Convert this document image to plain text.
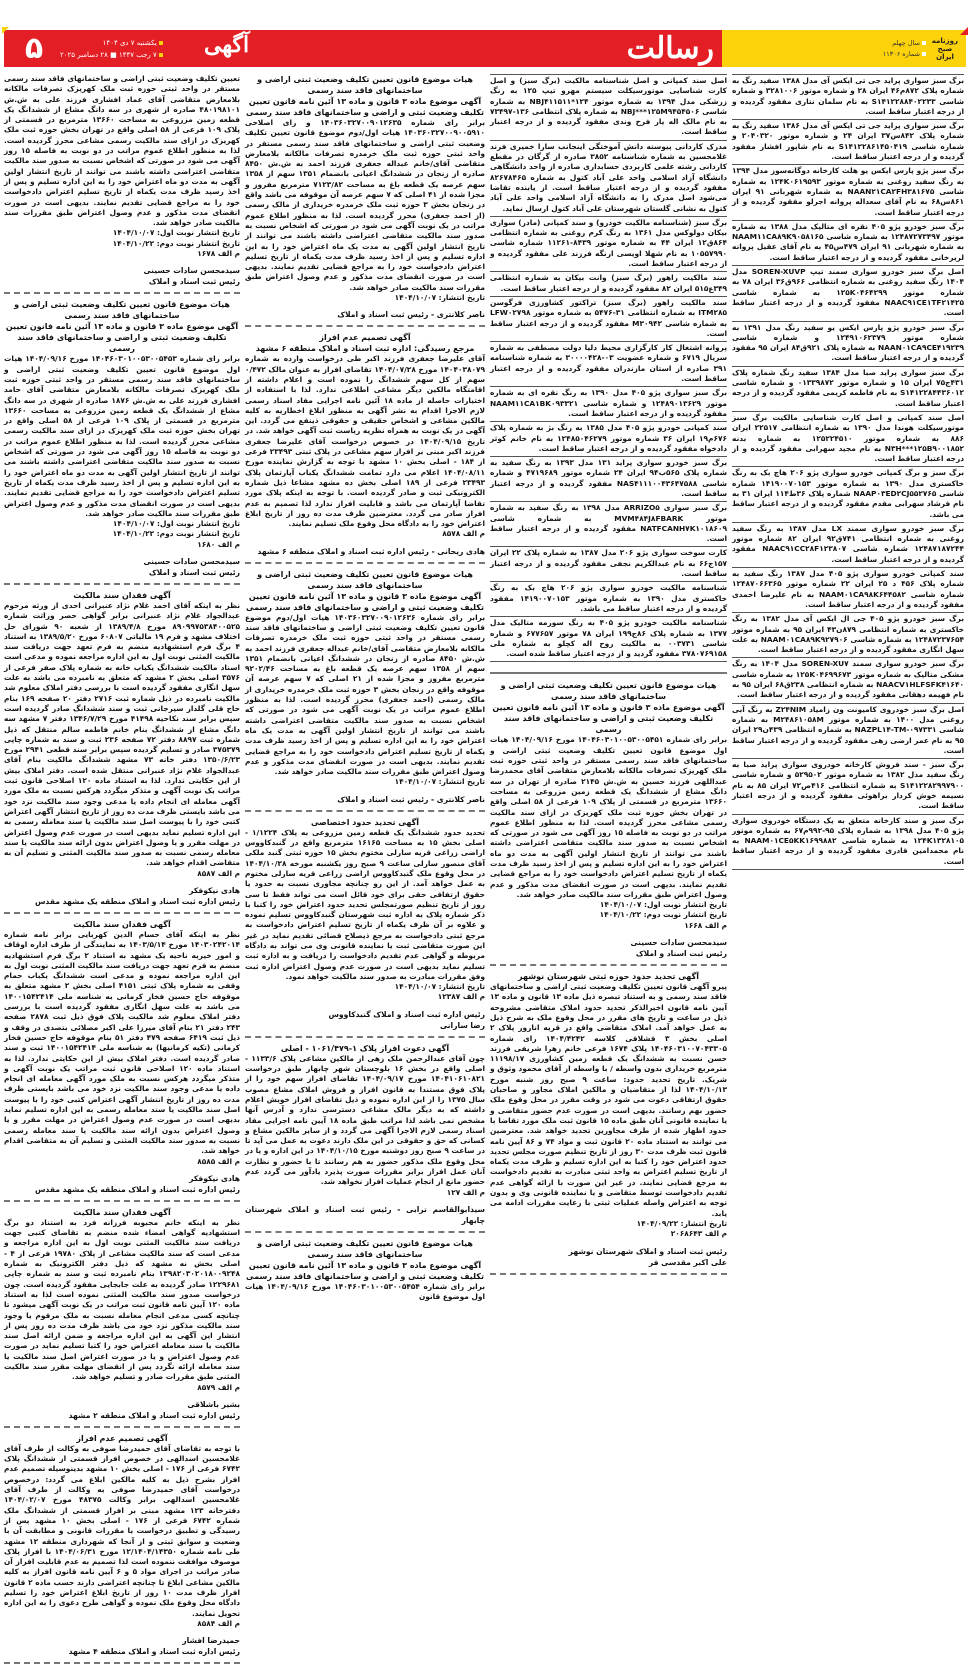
۵	یکشنبه ۷ دی ۱۴۰۴
۷ رجب ۱۴۴۷ ■ ۲۸ دسامبر ۲۰۲۵	آگهی	رسالت	سال چهلم
شماره ۱۱۳۰۶
روزنامه صبح ایران
برگ سبز سواری پراید جی تی ایکس آی مدل ۱۳۸۸ سفید رنگ به شماره پلاک ۸۷۲م۴۶ ایران ۲۸ و شماره موتور ۳۲۸۱۰۰۶ و شماره شاسی S۱۴۱۲۲۸۸۴۰۲۲۳۳ به نام سلمان نتاری مفقود گردیده و از درجه اعتبار ساقط است.
برگ سبز سواری پراید جی تی ایکس آی مدل ۱۳۸۶ سفید رنگ به شماره پلاک ۸۴۲س۳۷ ایران ۲۴ و شماره موتور ۲۰۴۰۳۲۰ و شماره شاسی S۱۴۱۲۲۸۶۱۴۵۰۴۱۹ به نام شاپور افشار مفقود گردیده و از درجه اعتبار ساقط است.
برگ سبز پژو پارس ایکس یو هلث کارخانه دوگانه‌سوز مدل ۱۳۹۴ به رنگ سفید روغنی به شماره موتور ۱۲۴K۰۶۱۹۵۹۳ به شماره شاسی NAAN۲۱CA۲FH۳۸۱۶۷۵ به شماره شهربانی ۹۱ ایران ۸۶۱س۶۸ به نام آقای سعداله پروانه اجرلو مفقود گردیده و از درجه اعتبار ساقط است.
برگ سبز خودرو پژو ۴۰۵ نقره ای متالیک مدل ۱۳۸۸ به شماره موتور ۱۲۴۸۷۲۷۳۴۹۷ به شماره شاسی NAAM۱۱CA۸۹K۹۰۵۸۱۶۵ به شماره شهربانی ۹۱ ایران ۴۷۹س۴۵ به نام آقای عقیل پروانه لریرخانی مفقود گردیده و از درجه اعتبار ساقط است.
اصل برگ سبز خودرو سواری سمند تیپ SOREN-XUVP مدل ۱۴۰۴ رنگ سفید روغنی به شماره انتظامی ۹۶۶ق۳۶ ایران ۷۸ به شماره موتور ۱۲۵K۰۴۶۴۲۹۹ به شماره شاسی NAAC۹۱CE۱TF۲۱۴۲۵ مفقود گردیده و از درجه اعتبار ساقط است.
برگ سبز خودرو پژو پارس ایکس یو سفید رنگ مدل ۱۳۹۱ به شماره موتور ۱۲۴۹۱۰۶۲۳۷۹ و شماره شاسی NAAN۰۱CA۹CE۴۱۹۲۳۹ به شماره پلاک ۹۲۱ق۸۴ ایران ۹۵ مفقود گردیده و از درجه اعتبار ساقط است.
برگ سبز سواری پراید صبا مدل ۱۳۸۴ سفید رنگ شماره پلاک ۴۳۱ج۷۵ ایران ۱۵ و شماره موتور ۰۱۳۳۹۸۷۲ و شماره شاسی S۱۴۱۲۲۸۴۴۳۶۰۱۲ به نام فاطمه کریمی مفقود گردیده و از درجه اعتبار ساقط است.
اصل سند کمپانی و اصل کارت شناسایی مالکیت برگ سبز موتورسیکلت هوندا مدل ۱۳۹۰ به شماره انتظامی ۲۲۵۱۷ ایران ۸۸۶ به شماره موتور ۱۲۵۲۲۴۵۱۰ به شماره بدنه N۳H***۱۲۵B۹۰۰۱۸۵۲ به نام مجید سهرابی مفقود گردیده و از درجه اعتبار ساقط است.
برگ سبز و برگ کمپانی خودرو سواری پژو ۲۰۶ هاچ بک به رنگ خاکستری مدل ۱۳۹۰ به شماره موتور ۱۴۱۹۰۰۷۰۱۵۳ شماره شاسی NAAP۰۳ED۲CJ۵۵۲۷۶۵ شماره پلاک ۳۶ط۱۱۴ ایران ۳۱ به نام فرشاد سهرابی مقدم مفقود گردیده و از درجه اعتبار ساقط می باشد.
برگ سبز خودرو سواری سمند LX مدل ۱۳۸۷ به رنگ سفید روغنی به شماره انتظامی ۷۴۱ق۹۲ ایران ۸۲ شماره موتور ۱۲۴۸۷۱۸۷۲۴۴ شماره شاسی NAAC۹۱CC۲۸F۱۲۳۸۰۷ مفقود گردیده و از درجه اعتبار ساقط است.
سند کمپانی خودرو سواری پژو ۴۰۵ مدل ۱۳۸۷ رنگ سفید به شماره پلاک ۴۵۶ د ۲۵ ایران ۲۲ شماره موتور ۱۲۴۸۷۰۶۶۳۶۵ شماره شاسی NAAM۰۱CA۹۸K۶۴۴۵۸۲ به نام علیرضا احمدی مفقود گردیده و از درجه اعتبار ساقط است.
برگ سبز خودرو پژو ۴۰۵ جی ال ایکس آی مدل ۱۳۸۲ به رنگ خاکستری به شماره انتظامی ۸۷۹ن۴۳ ایران ۹۵ به شماره موتور ۱۲۴۸۷۲۳۷۶۵۴ به شماره شاسی NAAM۰۱CA۸۹K۹۲۷۹۰۶ به علت سهل انگاری مفقود گردیده و از درجه اعتبار ساقط است.
برگ سبز خودرو سواری سمند SOREN-XU۷ مدل ۱۴۰۴ به رنگ مشکی متالیک به شماره موتور ۱۲۵K۰۴۶۹۹۶۷۳ به شماره شاسی NAACV۱HLFSFK۴۱۶۴۰ به شماره انتظامی ۲۳۸ق۶۸ ایران ۹۵ به نام فهیمه دهقانی مفقود گردیده و از درجه اعتبار ساقط است.
اصل برگ سبز خودروی کامیونت ون زامیاد Z۲۴NIM به رنگ آبی روغنی مدل ۱۴۰۰ به شماره موتور M۲۴۸۶۱۰۵۸M به شماره شاسی NAZPL۱۴-TM-۰۹۷۳۳۱ به شماره انتظامی ۴۳۹ن۲۹ ایران ۹۵ به نام عمر ارضی زهی مفقود گردیده و از درجه اعتبار ساقط است.
برگ سبز - سند فروش کارخانه خودروی سواری پراید صبا به رنگ سفید مدل ۱۳۸۲ به شماره موتور ۵۲۹۵۰۲ و شماره شاسی S۱۴۱۲۲۸۲۹۹۷۹۰۰ به شماره انتظامی ۴۱۶ص۷۲ ایران ۸۵ به نام نسیمه خوش کردار براهوئی مفقود گردیده و از درجه اعتبار ساقط است.
برگ سبز و سند کارخانه متعلق به یک دستگاه خودروی سواری پژو ۴۰۵ مدل ۱۳۹۸ به شماره پلاک ۹۵-۹۹۲م۶۷ به شماره موتور ۱۲۴K۱۳۲۸۱۰۵ به شماره شاسی NAAM۰۱CE۵KK۱۶۹۹۸۸۲ به نام محمدامین قادری مفقود گردیده و از درجه اعتبار ساقط است.
اصل سند کمپانی و اصل شناسنامه مالکیت (برگ سبز) و اصل کارت شناسایی موتورسیکلت سیستم مهرو تیپ ۱۲۵ به رنگ زرشکی مدل ۱۳۹۴ به شماره موتور NBJ۴۱۱۵۱۱*۱۲۴ به شماره شاسی NBJ***۱۲۵M۹۴۵۴۵۰۶ به شماره پلاک انتظامی ۱۳۶-۷۳۴۹۷ به نام مالک اله یار فرخ وندی مفقود گردیده و از درجه اعتبار ساقط است.
مدرک کاردانی پیوسته دانش آموختگی اینجانب سارا خمیری فرند غلامحسین به شماره شناسنامه ۳۸۵۲ صادره از گرگان در مقطع کاردانی رشته علمی کاربردی حسابداری صادره از واحد دانشگاهی دانشگاه آزاد اسلامی واحد علی آباد کتول به شماره ۸۲۶۷۸۴۶۵ مفقود گردیده و از درجه اعتبار ساقط است. از یابنده تقاضا می‌شود اصل مدرک را به دانشگاه آزاد اسلامی واحد علی آباد کتول به نشانی گلستان شهرستان علی آباد کتول ارسال نماید.
برگ سبز (شناسنامه مالکیت خودرو) و سند کمپانی (مادر) سواری بیکان دولوکس مدل ۱۳۶۱ به رنگ کرم روغنی به شماره انتظامی ۸۶۴ق۱۲ ایران ۴۴ به شماره موتور ۸۴۳۹-۱۱۲۶۱ شماره شاسی ۱۰۵۵۷۹۹۰ به نام شهلا اویسی ارنگه فرزند علی مفقود گردیده و از درجه اعتبار ساقط است.
سند مالکیت راهور (برگ سبز) وانت بیکان به شماره انتظامی ۳۴۹ع۵۱۵ ایران ۸۲ مفقود گردیده و از درجه اعتبار ساقط است.
سند مالکیت راهور (برگ سبز) تراکتور کشاورزی فرگوسن ITM۲۸۵ به شماره انتظامی ۳۱-۵۴۷۶ به شماره موتور LFW۰۲۷۹۸ به شماره شاسی M۳۰۹۴۲ مفقود گردیده و از درجه اعتبار ساقط است.
پروانه اشتغال کار کارگزاری محیط دلیا دولت مصطفی به شماره سریال ۶۷۱۹ و شماره عضویت ۰۳-۳۰۰۰۰۴۲۸ به شماره شناسنامه ۳۹۱ صادره از استان مازندران مفقود گردیده و از درجه اعتبار ساقط است.
برگ سبز سواری پژو ۴۰۵ مدل ۱۳۹۰ به رنگ نقره ای به شماره موتور ۱۲۴۸۹۰۱۳۶۲۹ و شماره شاسی NAAM۱۱CA۱BK۰۹۳۳۲۱ مفقود گردیده و از درجه اعتبار ساقط است.
سند کمپانی خودرو پژو ۴۰۵ مدل ۱۳۸۵ به رنگ بژ به شماره پلاک ۶۷۶م۱۹ ایران ۳۶ شماره موتور ۱۲۴۸۵۰۴۶۲۷۹ به نام خانم کوثر دادخواه مفقود گردیده و از درجه اعتبار ساقط است.
برگ سبز خودرو سواری پراید ۱۳۱ مدل ۱۳۹۳ به رنگ سفید به شماره پلاک ۵۶۵ب۹۴ ایران ۲۴ شماره موتور ۴۷۱۹۶۸۹ و شماره شاسی NAS۴۱۱۱۰۰۴۳۶۴۷۵۸۸ مفقود گردیده و از درجه اعتبار ساقط است.
برگ سبز سواری ARRIZO۵ مدل ۱۳۹۸ به رنگ سفید به شماره موتور MVM۴۸۴J۸FBARK به شماره شاسی NATFCANH۷K۱۰۱۸۶۰۹ مفقود گردیده و از درجه اعتبار ساقط است.
کارت سوخت سواری پژو ۲۰۶ مدل ۱۳۸۷ به شماره پلاک ۲۲ ایران ۱۵۷ج۶۶ به نام عبدالکریم نجفی مفقود گردیده و از درجه اعتبار ساقط است.
شناسنامه مالکیت خودرو سواری پژو ۲۰۶ هاچ بک به رنگ خاکستری مدل ۱۳۹۰ به شماره موتور ۱۴۱۹۰۰۷۰۱۵۳ مفقود گردیده و از درجه اعتبار ساقط می باشد.
شناسنامه مالکیت خودرو پژو ۴۰۵ به رنگ سورمه متالیک مدل ۱۳۷۷ به شماره پلاک ۸۶ج۱۹۹ ایران ۷۸ موتور ۶۷۷۶۵۷ و شماره شاسی ۰۰۳۷۳۱ به مالکیت روح اله کچلو به شماره ملی ۳۷۸۰۷۶۹۱۵۸ مفقود گردید و از درجه اعتبار ساقط شده است.
هیات موضوع قانون تعیین تکلیف وضعیت ثبتی اراضی و ساختمانهای فاقد سند رسمی
آگهی موضوع ماده ۳ قانون و ماده ۱۳ آئین نامه قانون تعیین تکلیف وضعیت ثبتی و اراضی و ساختمانهای فاقد سند رسمی
برابر رای شماره ۱۴۰۴۶۰۳۰۱۰۰۵۳۰۰۵۴۵۱ مورخ ۱۴۰۴/۰۹/۱۶ هیات اول موضوع قانون تعیین تکلیف وضعیت ثبتی اراضی و ساختمانهای فاقد سند رسمی مستقر در واحد ثبتی حوزه ثبت ملک کهریزک تصرفات مالکانه بلامعارض متقاضی آقای محمدرضا عبداللهی فرزند حسین به ش.ش ۲۱۴۵ صادره از تهران در سه دانگ مشاع از ششدانگ یک قطعه زمین مزروعی به مساحت ۱۳۶۶۰ مترمربع در قسمتی از پلاک ۱۰۹ فرعی از ۵۸ اصلی واقع در تهران بخش حوزه ثبت ملک کهریزک در ازای سند مالکیت رسمی مشاعی محرز گردیده است. لذا به منظور اطلاع عموم مراتب در دو نوبت به فاصله ۱۵ روز آگهی می شود در صورتی که اشخاص نسبت به صدور سند مالکیت متقاضی اعتراضی داشته باشند می توانند از تاریخ انتشار اولین آگهی به مدت دو ماه اعتراض خود را به این اداره تسلیم و پس از اخذ رسید ظرف مدت یکماه از تاریخ تسلیم اعتراض دادخواست خود را به مراجع قضایی تقدیم نمایند. بدیهی است در صورت انقضای مدت مذکور و عدم وصول اعتراض طبق مقررات سند مالکیت صادر خواهد شد.
تاریخ انتشار نوبت اول: ۱۴۰۴/۱۰/۰۷
تاریخ انتشار نوبت دوم: ۱۴۰۴/۱۰/۲۲
م الف ۱۶۶۸
سیدمحسن سادات حسینی
رئیس ثبت اسناد و املاک
آگهی تحدید حدود حوزه ثبتی شهرستان نوشهر
پیرو آگهی قانون تعیین تکلیف وضعیت ثبتی اراضی و ساختمانهای فاقد سند رسمی و به استناد تبصره ذیل ماده ۱۳ قانون و ماده ۱۳ آیین نامه قانون اخیرالذکر تحدید حدود املاک متقاضی مشروحه ذیل در ساعت و تاریخ های مقرر در محل وقوع ملک به شرح ذیل به عمل خواهد آمد. املاک متقاضی واقع در قریه انارور پلاک ۲ اصلی بخش ۳ قشلاقی کلاسه ۱۴۰۴/۴۲۴۲ رای شماره ۱۴۰۴۶۰۳۱۰۰۷۰۴۳۳۰۵ پلاک ۱۶۷۴ فرعی خانم زهرا شریفی فرزند حسن نسبت به ششدانگ یک قطعه زمین کشاورزی ۱۱۱۹۸/۱۷ مترمربع خریداری بدون واسطه / با واسطه از آقای محمود وثوق و شریک. تاریخ تحدید حدود: ساعت ۹ صبح روز شنبه مورخ ۱۴۰۴/۱۰/۱۳ لذا از متقاضیان و مالکین املاک مجاور و صاحبان حقوق ارتفاقی دعوت می شود در وقت مقرر در محل وقوع ملک حضور بهم رسانند. بدیهی است در صورت عدم حضور متقاضی و یا نماینده قانونی آنان طبق ماده ۱۵ قانون ثبت ملک مورد تقاضا با حدود اظهار شده از طرف مجاورین تحدید خواهد شد. معترضین می توانند به استناد ماده ۲۰ قانون ثبت و مواد ۷۴ و ۸۶ آیین نامه قانون ثبت ظرف مدت ۳۰ روز از تاریخ تنظیم صورت مجلس تحدید حدود اعتراض خود را کتبا به این اداره تسلیم و ظرف مدت یکماه از تاریخ تسلیم اعتراض به واحد ثبتی مبادرت به تقدیم دادخواست به مرجع قضایی نمایند. در غیر این صورت با ارائه گواهی عدم تقدیم دادخواست توسط متقاضی و یا نماینده قانونی وی و بدون توجه به اعتراض واصله عملیات ثبتی با رعایت مقررات ادامه می یابد.
تاریخ انتشار: ۱۴۰۴/۰۹/۲۲
م الف ۲۰۶۸۶۴۳
رئیس ثبت اسناد و املاک شهرستان نوشهر
علی اکبر مقدسی فر
هیات موضوع قانون تعیین تکلیف وضعیت ثبتی اراضی و ساختمانهای فاقد سند رسمی
آگهی موضوع ماده ۳ قانون و ماده ۱۳ آئین نامه قانون تعیین تکلیف وضعیت ثبتی و اراضی و ساختمانهای فاقد سند رسمی
برابر رای شماره ۱۴۰۳۶۰۳۲۷۰۰۹۰۱۲۶۳۵ و رای اصلاحی ۱۴۰۳۶۰۳۲۷۰۰۹۰۰۵۹۱۰ هیات اول/دوم موضوع قانون تعیین تکلیف وضعیت ثبتی اراضی و ساختمانهای فاقد سند رسمی مستقر در واحد ثبتی حوزه ثبت ملک خرمدره تصرفات مالکانه بلامعارض متقاضی آقای/خانم عبداله جعفری فرزند احمد به ش.ش ۸۴۵۰ صادره از زنجان در ششدانگ اعیانی بانضمام ۱۳۵۱ سهم از ۱۳۵۸ سهم عرصه یک قطعه باغ به مساحت ۷۱۲۳/۸۲ مترمربع مفروز و مجزا شده از ۴۱ اصلی که ۷ سهم عرصه آن موقوفه می باشد واقع در زنجان بخش ۳ حوزه ثبت ملک خرمدره خریداری از مالک رسمی (از احمد جعفری) محرز گردیده است. لذا به منظور اطلاع عموم مراتب در یک نوبت آگهی می شود در صورتی که اشخاص نسبت به صدور سند مالکیت متقاضی اعتراضی داشته باشند می توانند از تاریخ انتشار اولین آگهی به مدت یک ماه اعتراض خود را به این اداره تسلیم و پس از اخذ رسید ظرف مدت یکماه از تاریخ تسلیم اعتراض دادخواست خود را به مراجع قضایی تقدیم نمایند. بدیهی است در صورت انقضای مدت مذکور و عدم وصول اعتراض طبق مقررات سند مالکیت صادر خواهد شد.
تاریخ انتشار: ۱۴۰۴/۱۰/۰۷
ناصر کلانتری - رئیس ثبت اسناد و املاک
آگهی تصمیم عدم افراز
مرجع رسیدگی: اداره ثبت اسناد و املاک منطقه ۶ مشهد
آقای علیرضا جعفری فرزند اکبر طی درخواست وارده به شماره ۱۴۰۴۰۳۸۰۷۹ مورخ ۱۴۰۴/۰۷/۲۸ تقاضای افراز به عنوان مالک ۰/۴۷۲ سهم از کل سهم ششدانگ را نموده است و اعلام داشته از اقامتگاه مالکین دیگر مشاعی اطلاعی ندارد. لذا با استفاده از اختیارات حاصله از ماده ۱۸ آئین نامه اجرایی مفاد اسناد رسمی لازم الاجرا اقدام به نشر آگهی به منظور ابلاغ اخطاریه به کلیه مالکین مشاعی و اشخاص حقیقی و حقوقی ذینفع می گردد. این آگهی در یک نوبت به همراه نظریه ریاست ثبت آگهی خواهد شد. در تاریخ ۱۴۰۴/۰۹/۱۵ در خصوص درخواست آقای علیرضا جعفری فرزند اکبر مبنی بر افراز سهم مشاعی در پلاک ثبتی ۲۳۴۹۳ فرعی از ۱۸۴ - اصلی بخش ۱۰ مشهد با توجه به گزارش نماینده مورخ ۱۴۰۴/۰۸/۱۱ اعلام می دارد تمامت ششدانگ یکباب آپارتمان پلاک ۲۳۴۹۳ فرعی از ۱۸۹ اصلی بخش ده مشهد مشاعا ذیل شماره الکترونیکی ثبت و صادر گردیده است. با توجه به اینکه پلاک مورد تقاضا آپارتمان می باشد و قابلیت افراز ندارد لذا تصمیم به عدم افراز صادر می گردد. معترضین ظرف مدت ده روز از تاریخ ابلاغ اعتراض خود را به دادگاه محل وقوع ملک تسلیم نمایند.
م الف ۸۵۷۸
هادی ریحانی - رئیس اداره ثبت اسناد و املاک منطقه ۶ مشهد
هیات موضوع قانون تعیین تکلیف وضعیت ثبتی اراضی و ساختمانهای فاقد سند رسمی
آگهی موضوع ماده ۳ قانون و ماده ۱۳ آئین نامه قانون تعیین تکلیف وضعیت ثبتی و اراضی و ساختمانهای فاقد سند رسمی
برابر رای شماره ۱۴۰۳۶۰۳۲۷۰۰۹۰۱۲۶۳۶ هیات اول/دوم موضوع قانون تعیین تکلیف وضعیت ثبتی اراضی و ساختمانهای فاقد سند رسمی مستقر در واحد ثبتی حوزه ثبت ملک خرمدره تصرفات مالکانه بلامعارض متقاضی آقای/خانم عبداله جعفری فرزند احمد به ش.ش ۸۴۵۰ صادره از زنجان در ششدانگ اعیانی بانضمام ۱۳۵۱ سهم از ۱۳۵۸ سهم عرصه یک قطعه باغ به مساحت ۹۲۰۲/۴۶ مترمربع مفروز و مجزا شده از ۲۱ اصلی که ۷ سهم عرصه آن موقوفه واقع در زنجان بخش ۳ حوزه ثبت ملک خرمدره خریداری از مالک رسمی (احمد جعفری) محرز گردیده است. لذا به منظور اطلاع عموم مراتب در یک نوبت آگهی می شود در صورتی که اشخاص نسبت به صدور سند مالکیت متقاضی اعتراضی داشته باشند می توانند از تاریخ انتشار اولین آگهی به مدت یک ماه اعتراض خود را به این اداره تسلیم و پس از اخذ رسید ظرف مدت یکماه از تاریخ تسلیم اعتراض دادخواست خود را به مراجع قضایی تقدیم نمایند. بدیهی است در صورت انقضای مدت مذکور و عدم وصول اعتراض طبق مقررات سند مالکیت صادر خواهد شد.
تاریخ انتشار: ۱۴۰۴/۱۰/۰۷
ناصر کلانتری - رئیس ثبت اسناد و املاک
آگهی تحدید حدود اختصاصی
تحدید حدود ششدانگ یک قطعه زمین مزروعی به پلاک ۱/۱۲۲۴ - اصلی بخش ۱۵ به مساحت ۱۶۱۶۵ مترمربع واقع در گنبدکاووس اراضی زراعی قریه سارلی مختوم بخش ۱۵ حوزه ثبتی گنبد ملکی آقای منصور سارلی ساعت ۹ صبح روز یکشنبه مورخه ۱۴۰۴/۱۰/۲۸ در محل وقوع ملک گنبدکاووس اراضی زراعی قریه سارلی مختوم به عمل خواهد آمد. از این رو چنانچه مجاوری نسبت به حدود یا حقوق ارتفاقی حقی برای خود قائل است می تواند فقط تا سی روز از تاریخ تنظیم صورتمجلس تحدید حدود اعتراض خود را کتبا با ذکر شماره پلاک به اداره ثبت شهرستان گنبدکاووس تسلیم نموده و علاوه بر آن ظرف یکماه از تاریخ تسلیم اعتراض دادخواست به مرجع ثبتی دادخواست به مرجع ذیصلاح قضائی تقدیم نماید در غیر این صورت متقاضی ثبت یا نماینده قانونی وی می تواند به دادگاه مربوطه و گواهی عدم تقدیم دادخواست را دریافت و به اداره ثبت تسلیم نماید بدیهی است در صورت عدم وصول اعتراض اداره ثبت وفق مقررات مبادرت به صدور سند مالکیت خواهد نمود.
تاریخ انتشار: ۱۴۰۴/۱۰/۰۷
م الف ۱۲۳۸۷
رئیس اداره ثبت اسناد و املاک گنبدکاووس
رضا سارانی
آگهی دعوت افراز پلاک ۱-۱۰۶۱/۴۷۹ - اصلی
چون آقای عبدالرحمن ملک زهی از مالکین مشاعی پلاک ۱۱۳۳/۶ - اصلی واقع در بخش ۱۶ بلوچستان شهر چابهار طبق درخواست ۱۴۰۴۱۰۶۱۰۸۲۱ مورخ ۱۴۰۴/۰۹/۱۷ تقاضای افراز سهم خود را از پلاک فوق مستندا به قانون افراز و فروش املاک مشاع مصوب سال ۱۳۷۵ را از این اداره نموده و ذیل تقاضای افراز خویش اعلام داشته که به دیگر مالک مشاعی دسترسی ندارد و آدرس آنها مشخص نمی باشد لذا مراتب طبق ماده ۱۸ آیین نامه اجرایی مفاد اسناد رسمی لازم الاجرا آگهی می گردد و از سایر مالکین مشاع و کسانی که حق و حقوقی در این ملک دارند دعوت به عمل می آید تا در ساعت ۹ صبح روز دوشنبه مورخ ۱۴۰۴/۱۰/۱۵ در این اداره و یا در محل وقوع ملک مذکور حضور به هم رسانند تا با حضور و نظارت آنان عمل افراز برابر مقررات صورت پذیرد یادآور می گردد عدم حضور مانع از انجام عملیات افراز نخواهد شد.
م الف ۱۲۷
سیدابوالقاسم ترابی - رئیس ثبت اسناد و املاک شهرستان چابهار
هیات موضوع قانون تعیین تکلیف وضعیت ثبتی اراضی و ساختمانهای فاقد سند رسمی
آگهی موضوع ماده ۳ قانون و ماده ۱۳ آئین نامه قانون تعیین تکلیف وضعیت ثبتی و اراضی و ساختمانهای فاقد سند رسمی
برابر رای شماره ۱۴۰۴۶۰۳۰۱۰۰۵۳۰۰۵۴۵۴ مورخ ۱۴۰۴/۰۹/۱۶ هیات اول موضوع قانون
تعیین تکلیف وضعیت ثبتی اراضی و ساختمانهای فاقد سند رسمی مستقر در واحد ثبتی حوزه ثبت ملک کهریزک تصرفات مالکانه بلامعارض متقاضی آقای عماد افشاری فرزند علی به ش.ش ۴۸۰۱۹۸۱۰۱ صادره از شهری در سه دانگ مشاع از ششدانگ یک قطعه زمین مزروعی به مساحت ۱۳۶۶۰ مترمربع در قسمتی از پلاک ۱۰۹ فرعی از ۵۸ اصلی واقع در تهران بخش حوزه ثبت ملک کهریزک در ازای سند مالکیت رسمی مشاعی محرز گردیده است. لذا به منظور اطلاع عموم مراتب در دو نوبت به فاصله ۱۵ روز آگهی می شود در صورتی که اشخاص نسبت به صدور سند مالکیت متقاضی اعتراضی داشته باشند می توانند از تاریخ انتشار اولین آگهی به مدت دو ماه اعتراض خود را به این اداره تسلیم و پس از اخذ رسید ظرف مدت یکماه از تاریخ تسلیم اعتراض دادخواست خود را به مراجع قضایی تقدیم نمایند. بدیهی است در صورت انقضای مدت مذکور و عدم وصول اعتراض طبق مقررات سند مالکیت صادر خواهد شد.
تاریخ انتشار نوبت اول: ۱۴۰۴/۱۰/۰۷
تاریخ انتشار نوبت دوم: ۱۴۰۴/۱۰/۲۲
م الف ۱۶۷۸
سیدمحسن سادات حسینی
رئیس ثبت اسناد و املاک
هیات موضوع قانون تعیین تکلیف وضعیت ثبتی اراضی و ساختمانهای فاقد سند رسمی
آگهی موضوع ماده ۳ قانون و ماده ۱۳ آئین نامه قانون تعیین تکلیف وضعیت ثبتی و اراضی و ساختمانهای فاقد سند رسمی
برابر رای شماره ۱۴۰۴۶۰۳۰۱۰۰۵۳۰۰۵۴۵۳ مورخ ۱۴۰۴/۰۹/۱۶ هیات اول موضوع قانون تعیین تکلیف وضعیت ثبتی اراضی و ساختمانهای فاقد سند رسمی مستقر در واحد ثبتی حوزه ثبت ملک کهریزک تصرفات مالکانه بلامعارض متقاضی آقای حامد افشاری فرزند علی به ش.ش ۱۸۷۶ صادره از شهری در سه دانگ مشاع از ششدانگ یک قطعه زمین مزروعی به مساحت ۱۳۶۶۰ مترمربع در قسمتی از پلاک ۱۰۹ فرعی از ۵۸ اصلی واقع در تهران بخش حوزه ثبت ملک کهریزک در ازای سند مالکیت رسمی مشاعی محرز گردیده است. لذا به منظور اطلاع عموم مراتب در دو نوبت به فاصله ۱۵ روز آگهی می شود در صورتی که اشخاص نسبت به صدور سند مالکیت متقاضی اعتراضی داشته باشند می توانند از تاریخ انتشار اولین آگهی به مدت دو ماه اعتراض خود را به این اداره تسلیم و پس از اخذ رسید ظرف مدت یکماه از تاریخ تسلیم اعتراض دادخواست خود را به مراجع قضایی تقدیم نمایند. بدیهی است در صورت انقضای مدت مذکور و عدم وصول اعتراض طبق مقررات سند مالکیت صادر خواهد شد.
تاریخ انتشار نوبت اول: ۱۴۰۴/۱۰/۰۷
تاریخ انتشار نوبت دوم: ۱۴۰۴/۱۰/۲۲
م الف ۱۶۸۰
سیدمحسن سادات حسینی
رئیس ثبت اسناد و املاک
آگهی فقدان سند مالکیت
نظر به اینکه آقای احمد غلام نژاد عنبرانی احدی از ورثه مرحوم عبدالجواد غلام نژاد عنبرانی برابر گواهی حصر وراثت شماره ۸۹۰۹۹۷۵۳۸۴۰۰۵۲۵ مورخ ۱۳۸۹/۴/۸ از شعبه ۹۰ شورای حل اختلاف مشهد و فرم ۱۹ مالیاتی ۶۰۸۰۷ مورخ ۱۳۸۹/۵/۲۰ به استناد ۴ برگ فرم استشهادیه منضم به فرم تعهد جهت دریافت سند مالکیت المثنی نوبت اول به این اداره مراجعه نموده و مدعی است اسناد مالکیت ششدانگ یکباب خانه به شماره پلاک صفر فرعی از ۳۵۷۶ اصلی بخش ۲ مشهد که متعلق به نامبرده می باشد به علت سهل انگاری مفقود گردیده است با بررسی دفتر املاک معلوم شد مالکیت نامبرده در ذیل شماره ثبت ۲۷۱۶ دفتر ۲۰ صفحه ۱۶۹ بنام حاج قلی گلدار سیرجانی ثبت و سند ششدانگ صادر گردیده است سپس برابر سند نکاحیه ۴۱۴۹۸ مورخ ۱۳۴۶/۷/۲۹ دفتر ۷ مشهد سه دانگ مشاع از ششدانگ بنام خانم فاطمه سالم منتقل که ذیل شماره ثبت ۸۸۹۷ دفتر ۷۲ صفحه ۲۳۶ ثبت و سند به شماره چاپی ۳۷۵۳۷۹ صادر و تسلیم گردیده سپس برابر سند قطعی ۲۹۴۱ مورخ ۱۳۵۰/۶/۲۳ دفتر خانه ۷۳ مشهد ششدانگ مالکیت بنام آقای عبدالجواد غلام نژاد عنبرانی منتقل شده است. دفتر املاک بیش از این حکایتی ندارد. لذا به استناد ماده ۱۲۰ اصلاحی قانون ثبت مراتب یک نوبت آگهی و متذکر میگردد هرکس نسبت به ملک مورد آگهی معامله ای انجام داده یا مدعی وجود سند مالکیت نزد خود می باشد بایستی ظرف مدت ده روز از تاریخ انتشار آگهی اعتراض کتبی خود را با پیوست اصل سند مالکیت یا سند معامله رسمی به این اداره تسلیم نماید بدیهی است در صورت عدم وصول اعتراض در مهلت مقرر و یا وصول اعتراض بدون ارائه سند مالکیت یا سند معامله رسمی نسبت به صدور سند مالکیت المثنی و تسلیم آن به متقاضی اقدام خواهد شد.
م الف ۸۵۸۷
هادی نیکوفکر
رئیس اداره ثبت اسناد و املاک منطقه یک مشهد مقدس
آگهی فقدان سند مالکیت
نظر به اینکه آقای حسام الدین کهربایی برابر نامه شماره ۱۴۰۳۰۲۴۲۰۱۴ مورخ ۱۴۰۳/۵/۱۴ به نمایندگی از طرف اداره اوقاف و امور خیریه ناحیه یک مشهد به استناد ۲ برگ فرم استشهادیه منضم به فرم تعهد جهت دریافت سند مالکیت المثنی نوبت اول به این اداره مراجعه نموده و مدعی است ششدانگ یکباب حمام وقفی به شماره پلاک ثبتی ۴۱۵۱ اصلی بخش ۲ مشهد متعلق به موقوفه حاج حسین فخار کرمانی به شناسه ملی ۱۴۰۰۱۵۴۲۴۱۴ می باشد به علت سهل انگاری مفقود گردیده است با بررسی دفتر املاک معلوم شد مالکیت پلاک فوق ذیل ثبت ۲۸۷۸ صفحه ۲۴۳ دفتر ۲۱ بنام آقای میرزا علی اکبر مصلائی بتصدی در وقف و ذیل ثبت ۶۴۱۹ صفحه ۴۷۹ دفتر ۵۱ بنام موقوفه حاج حسین فخار کرمانی (تکیه کرمانیها) به شناسه ملی ۱۴۰۰۱۵۴۲۴۱۴ ثبت و سند صادر گردیده است. دفتر املاک بیش از این حکایتی ندارد. لذا به استناد ماده ۱۲۰ اصلاحی قانون ثبت مراتب یک نوبت آگهی و متذکر میگردد هرکس نسبت به ملک مورد آگهی معامله ای انجام داده یا مدعی وجود سند مالکیت نزد خود می باشد بایستی ظرف مدت ده روز از تاریخ انتشار آگهی اعتراض کتبی خود را با پیوست اصل سند مالکیت یا سند معامله رسمی به این اداره تسلیم نماید بدیهی است در صورت عدم وصول اعتراض در مهلت مقرر و یا وصول اعتراض بدون ارائه سند مالکیت یا سند معامله رسمی نسبت به صدور سند مالکیت المثنی و تسلیم آن به متقاضی اقدام خواهد شد.
م الف ۸۵۸۵
هادی نیکوفکر
رئیس اداره ثبت اسناد و املاک منطقه یک مشهد مقدس
آگهی فقدان سند مالکیت
نظر به اینکه خانم محبوبه فرزانه فرد به استناد دو برگ استشهادیه گواهی امضاء شده منضم به تقاضای کتبی جهت دریافت سند مالکیت المثنی نوبت اول به این اداره مراجعه و مدعی است که سند مالکیت مشاعی از پلاک ۱۹۷۸۰ فرعی از ۴ - اصلی بخش نه مشهد که ذیل دفتر الکترونیک به شماره ۱۳۹۸۲۰۳۰۲۰۱۸۰۰۹۲۴۸ بنام نامبرده ثبت و سند به شماره چاپی ۱۲۲۹۶۸۱ صادر گردیده به علت جابجایی مفقود گردیده است. چون درخواست صدور سند مالکیت المثنی نموده است لذا به استناد ماده ۱۲۰ آیین نامه قانون ثبت مراتب در یک نوبت آگهی میشود تا چنانچه کسی مدعی انجام معامله نسبت به ملک مرقوم یا وجود سند مالکیت مذکور نزد خود می باشد ظرف مدت ده روز پس از انتشار این آگهی به این اداره مراجعه و ضمن ارائه اصل سند مالکیت یا سند معامله اعتراض خود را کتبا تسلیم نماید در صورت عدم وصول اعتراض و یا در صورت اعتراض اصل سند مالکیت یا سند معامله ارائه نگردد پس از انقضای مهلت مقرر سند مالکیت المثنی طبق مقررات صادر و تسلیم خواهد شد.
م الف ۸۵۷۹
بشیر باشلاقی
رئیس اداره ثبت اسناد و املاک منطقه ۲ مشهد
آگهی تصمیم عدم افراز
با توجه به تقاضای آقای حمیدرضا صوفی به وکالت از طرف آقای غلامحسین اسدالهی در خصوص افراز قسمتی از ششدانگ پلاک ۶۷۴۲ فرعی از ۱۷۶ - اصلی بخش ۱۰ مشهد بدینوسیله تصمیم عدم افراز بشرح ذیل به کلیه مالکین ابلاغ می گردد: درخصوص درخواست آقای حمیدرضا صوفی به وکالت از طرف آقای غلامحسین اسدالهی برابر وکالت ۴۸۳۷۵ مورخ ۱۴۰۴/۰۲/۰۷ دفترخانه ۱۲۳ مشهد مبنی بر افراز قسمتی از ششدانگ ملک شماره ۶۷۴۲ فرعی از ۱۷۶ - اصلی بخش ۱۰ مشهد پس از رسیدگی و تطبیق درخواست با مقررات قانونی و مطابقت آن با وضعیت و سوابق ثبتی و از آنجا که شهرداری منطقه ۱۲ مشهد طی نامه شماره ۱۲/۱۴۰۴/۱۴۳۵۰ مورخ ۱۴۰۴/۰۶/۳۱ با افراز پلاک موصوف موافقت ننموده است لذا تصمیم به عدم قابلیت افراز آن صادر مراتب در اجرای مواد ۵ و ۶ آیین نامه قانون افراز به کلیه مالکین مشاعی ابلاغ تا چنانچه اعتراضی دارند حسب ماده ۲ قانون افراز ظرف مدت ۱۰ روز از تاریخ ابلاغ اعتراض خود را تسلیم دادگاه محل وقوع ملک نموده و گواهی طرح دعوی را به این اداره تحویل نمایند.
م الف ۸۵۸۴
حمیدرضا افشار
رئیس اداره ثبت اسناد و املاک منطقه ۴ مشهد
